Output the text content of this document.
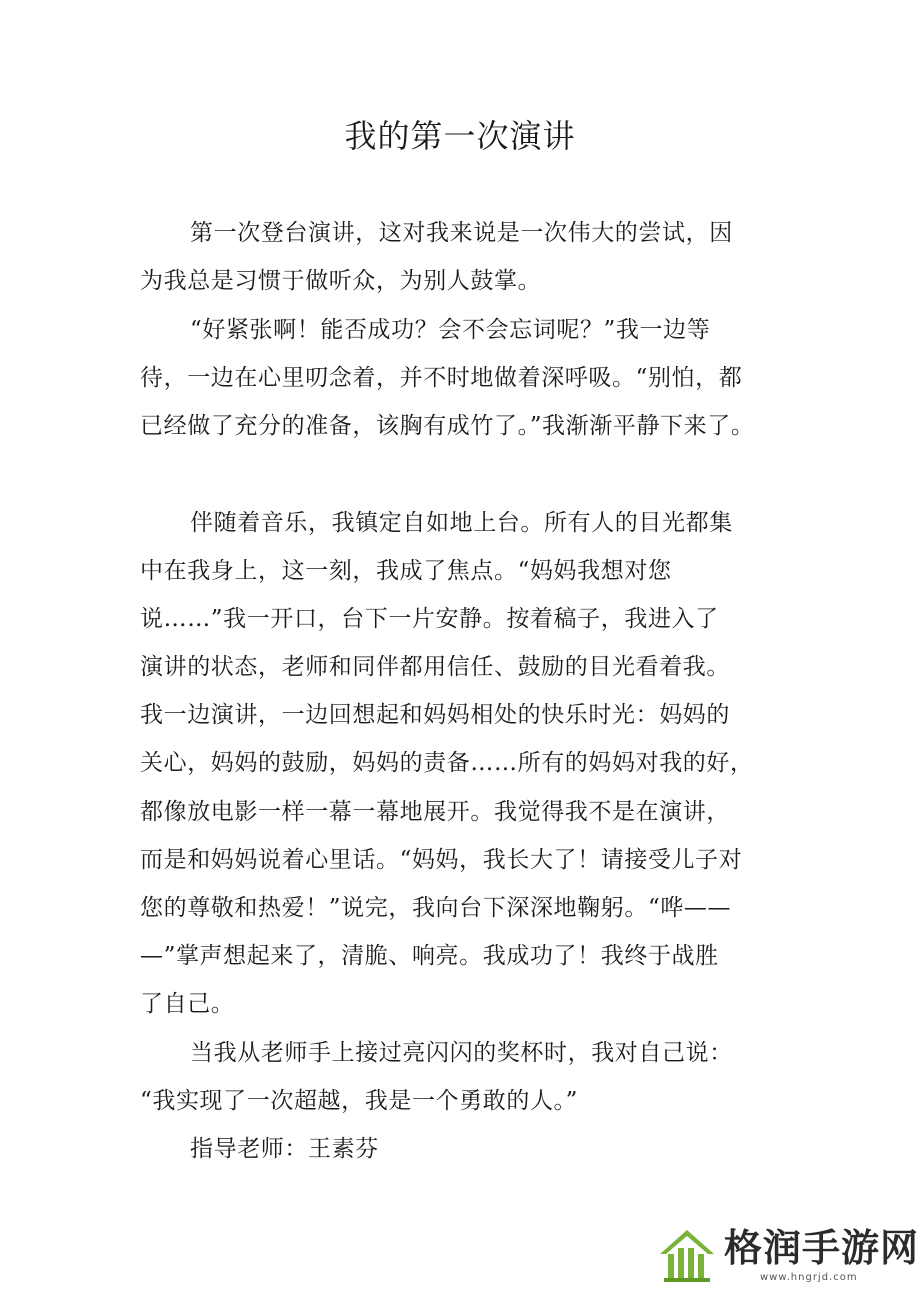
我的第一次演讲

第一次登台演讲，这对我来说是一次伟大的尝试，因

为我总是习惯于做听众，为别人鼓掌。

“好紧张啊！能否成功？会不会忘词呢？”我一边等

待，一边在心里叨念着，并不时地做着深呼吸。“别怕，都

已经做了充分的准备，该胸有成竹了。”我渐渐平静下来了。

伴随着音乐，我镇定自如地上台。所有人的目光都集

中在我身上，这一刻，我成了焦点。“妈妈我想对您

说……”我一开口，台下一片安静。按着稿子，我进入了

演讲的状态，老师和同伴都用信任、鼓励的目光看着我。

我一边演讲，一边回想起和妈妈相处的快乐时光：妈妈的

关心，妈妈的鼓励，妈妈的责备……所有的妈妈对我的好，

都像放电影一样一幕一幕地展开。我觉得我不是在演讲，

而是和妈妈说着心里话。“妈妈，我长大了！请接受儿子对

您的尊敬和热爱！”说完，我向台下深深地鞠躬。“哗——

—”掌声想起来了，清脆、响亮。我成功了！我终于战胜

了自己。

当我从老师手上接过亮闪闪的奖杯时，我对自己说：

“我实现了一次超越，我是一个勇敢的人。”

指导老师：王素芬

格润手游网
www.hngrjd.com
